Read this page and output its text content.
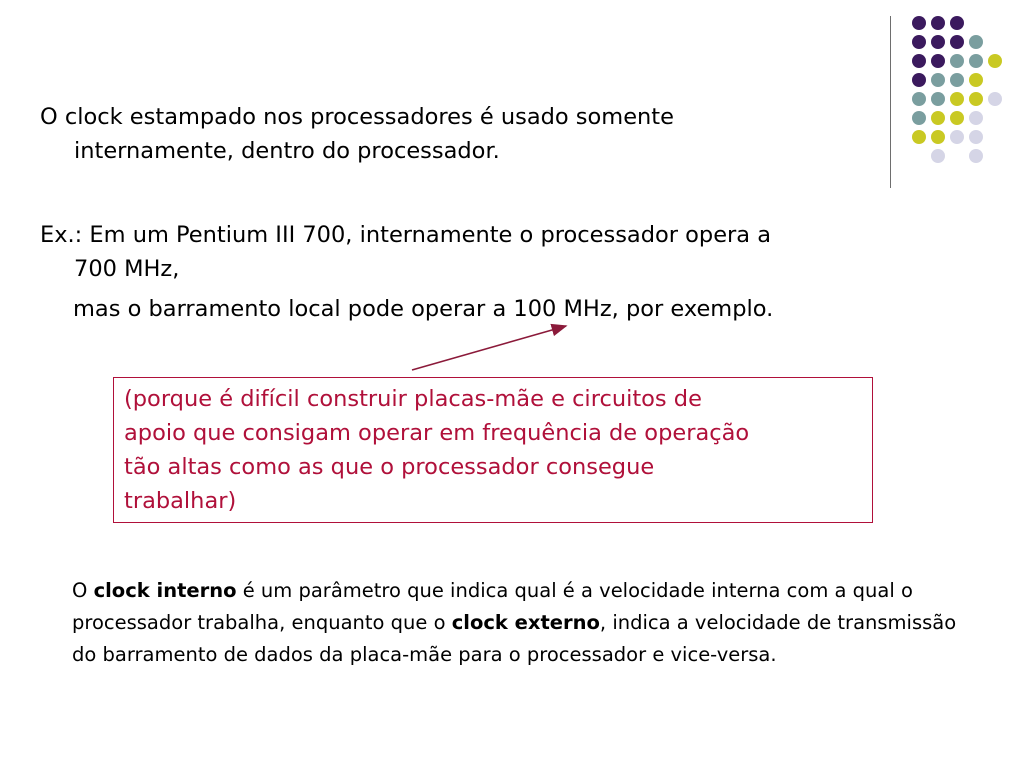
O clock estampado nos processadores é usado somente
internamente, dentro do processador.

Ex.: Em um Pentium III 700, internamente o processador opera a
700 MHz,

mas o barramento local pode operar a 100 MHz, por exemplo.

(porque é difícil construir placas-mãe e circuitos de
apoio que consigam operar em frequência de operação
tão altas como as que o processador consegue
trabalhar)

O clock interno é um parâmetro que indica qual é a velocidade interna com a qual o processador trabalha, enquanto que o clock externo, indica a velocidade de transmissão do barramento de dados da placa-mãe para o processador e vice-versa.
